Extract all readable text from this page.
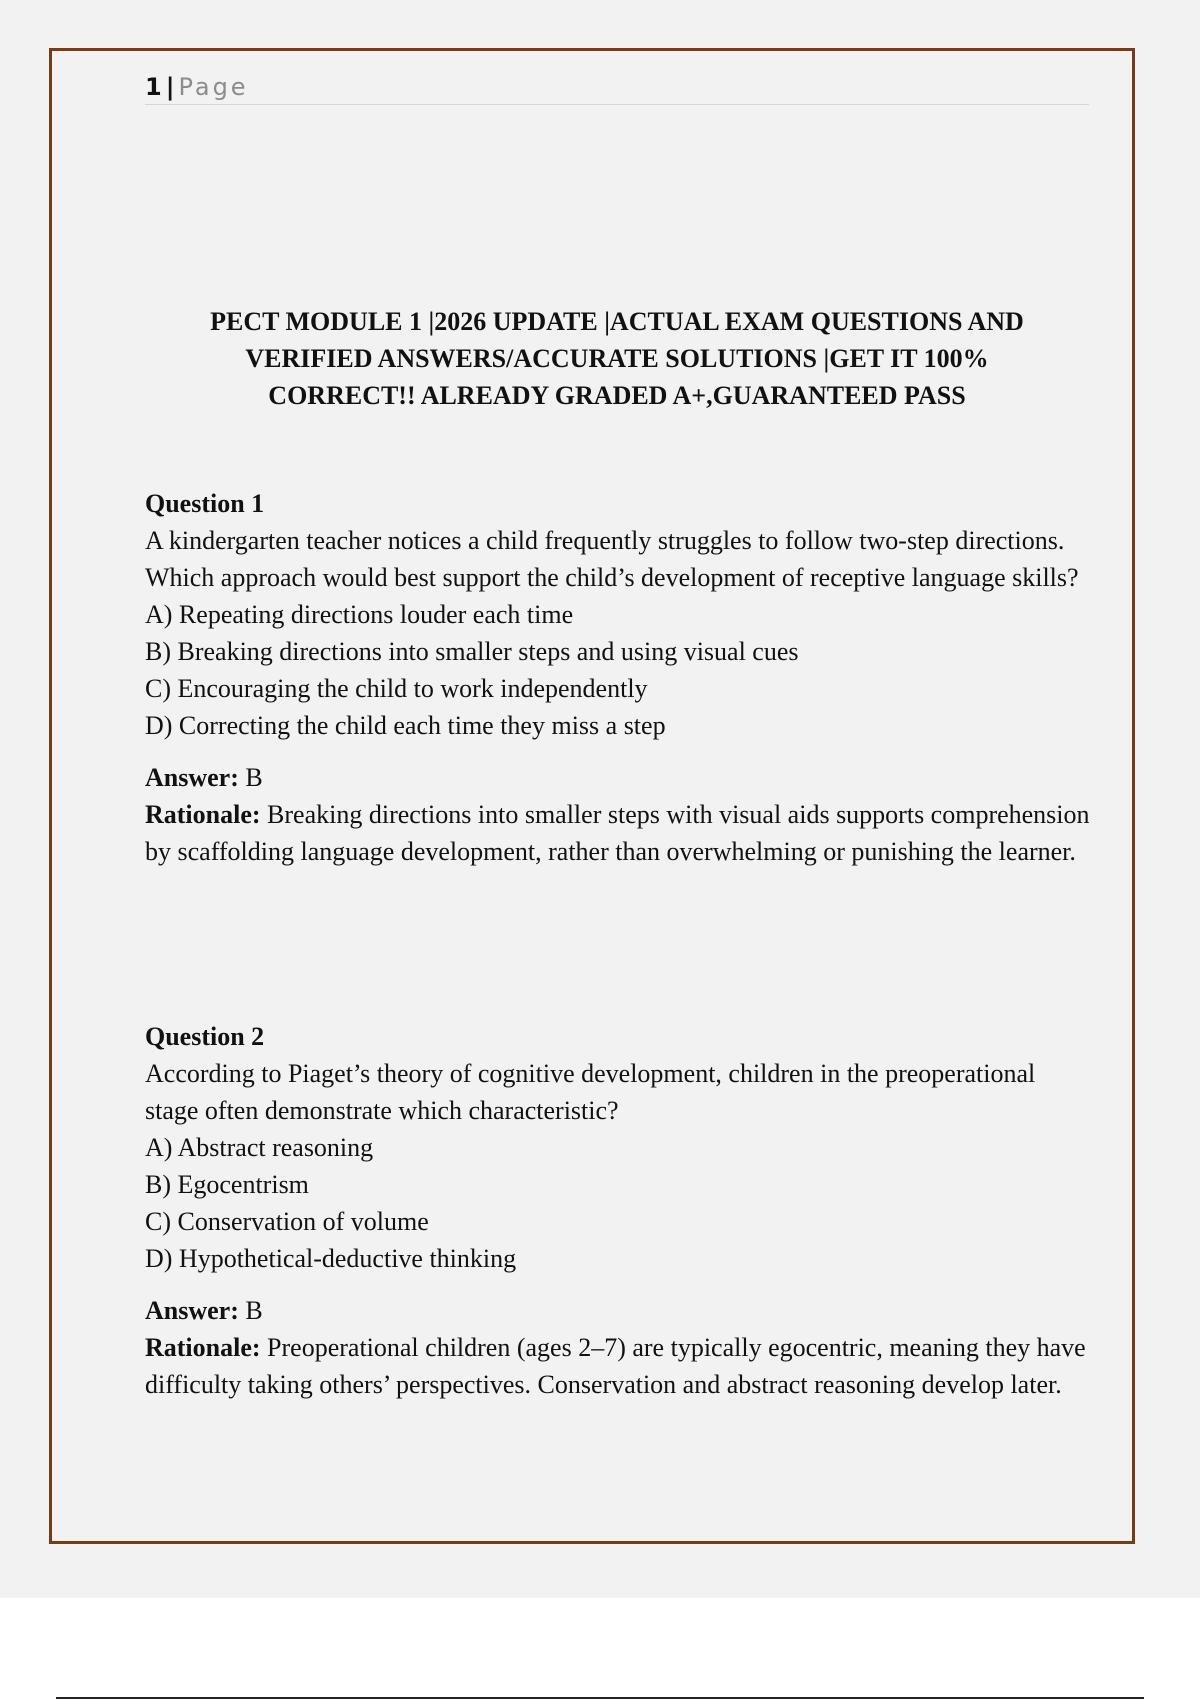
1 | Page
PECT MODULE 1 |2026 UPDATE |ACTUAL EXAM QUESTIONS AND
VERIFIED ANSWERS/ACCURATE SOLUTIONS |GET IT 100%
CORRECT!! ALREADY GRADED A+,GUARANTEED PASS
Question 1

A kindergarten teacher notices a child frequently struggles to follow two-step directions. Which approach would best support the child’s development of receptive language skills?

A) Repeating directions louder each time
B) Breaking directions into smaller steps and using visual cues
C) Encouraging the child to work independently
D) Correcting the child each time they miss a step
Answer: B
Rationale: Breaking directions into smaller steps with visual aids supports comprehension by scaffolding language development, rather than overwhelming or punishing the learner.
Question 2

According to Piaget’s theory of cognitive development, children in the preoperational stage often demonstrate which characteristic?

A) Abstract reasoning
B) Egocentrism
C) Conservation of volume
D) Hypothetical-deductive thinking
Answer: B
Rationale: Preoperational children (ages 2–7) are typically egocentric, meaning they have difficulty taking others’ perspectives. Conservation and abstract reasoning develop later.
